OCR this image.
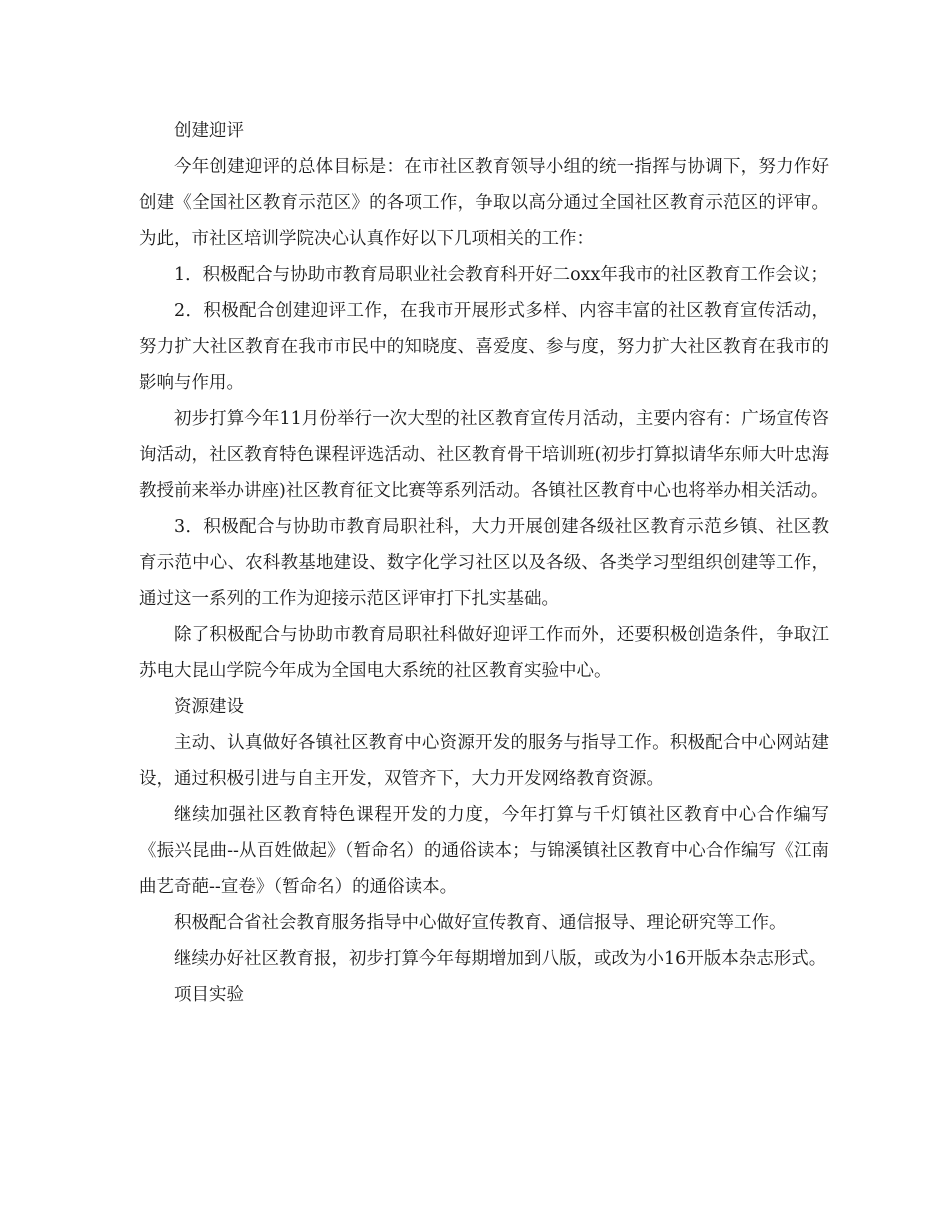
创建迎评

今年创建迎评的总体目标是：在市社区教育领导小组的统一指挥与协调下，努力作好创建《全国社区教育示范区》的各项工作，争取以高分通过全国社区教育示范区的评审。为此，市社区培训学院决心认真作好以下几项相关的工作：

1．积极配合与协助市教育局职业社会教育科开好二oxx年我市的社区教育工作会议；

2．积极配合创建迎评工作，在我市开展形式多样、内容丰富的社区教育宣传活动，努力扩大社区教育在我市市民中的知晓度、喜爱度、参与度，努力扩大社区教育在我市的影响与作用。

初步打算今年11月份举行一次大型的社区教育宣传月活动，主要内容有：广场宣传咨询活动，社区教育特色课程评选活动、社区教育骨干培训班(初步打算拟请华东师大叶忠海教授前来举办讲座)社区教育征文比赛等系列活动。各镇社区教育中心也将举办相关活动。

3．积极配合与协助市教育局职社科，大力开展创建各级社区教育示范乡镇、社区教育示范中心、农科教基地建设、数字化学习社区以及各级、各类学习型组织创建等工作，通过这一系列的工作为迎接示范区评审打下扎实基础。

除了积极配合与协助市教育局职社科做好迎评工作而外，还要积极创造条件，争取江苏电大昆山学院今年成为全国电大系统的社区教育实验中心。

资源建设

主动、认真做好各镇社区教育中心资源开发的服务与指导工作。积极配合中心网站建设，通过积极引进与自主开发，双管齐下，大力开发网络教育资源。

继续加强社区教育特色课程开发的力度，今年打算与千灯镇社区教育中心合作编写《振兴昆曲--从百姓做起》（暂命名）的通俗读本；与锦溪镇社区教育中心合作编写《江南曲艺奇葩--宣卷》（暂命名）的通俗读本。

积极配合省社会教育服务指导中心做好宣传教育、通信报导、理论研究等工作。

继续办好社区教育报，初步打算今年每期增加到八版，或改为小16开版本杂志形式。

项目实验
